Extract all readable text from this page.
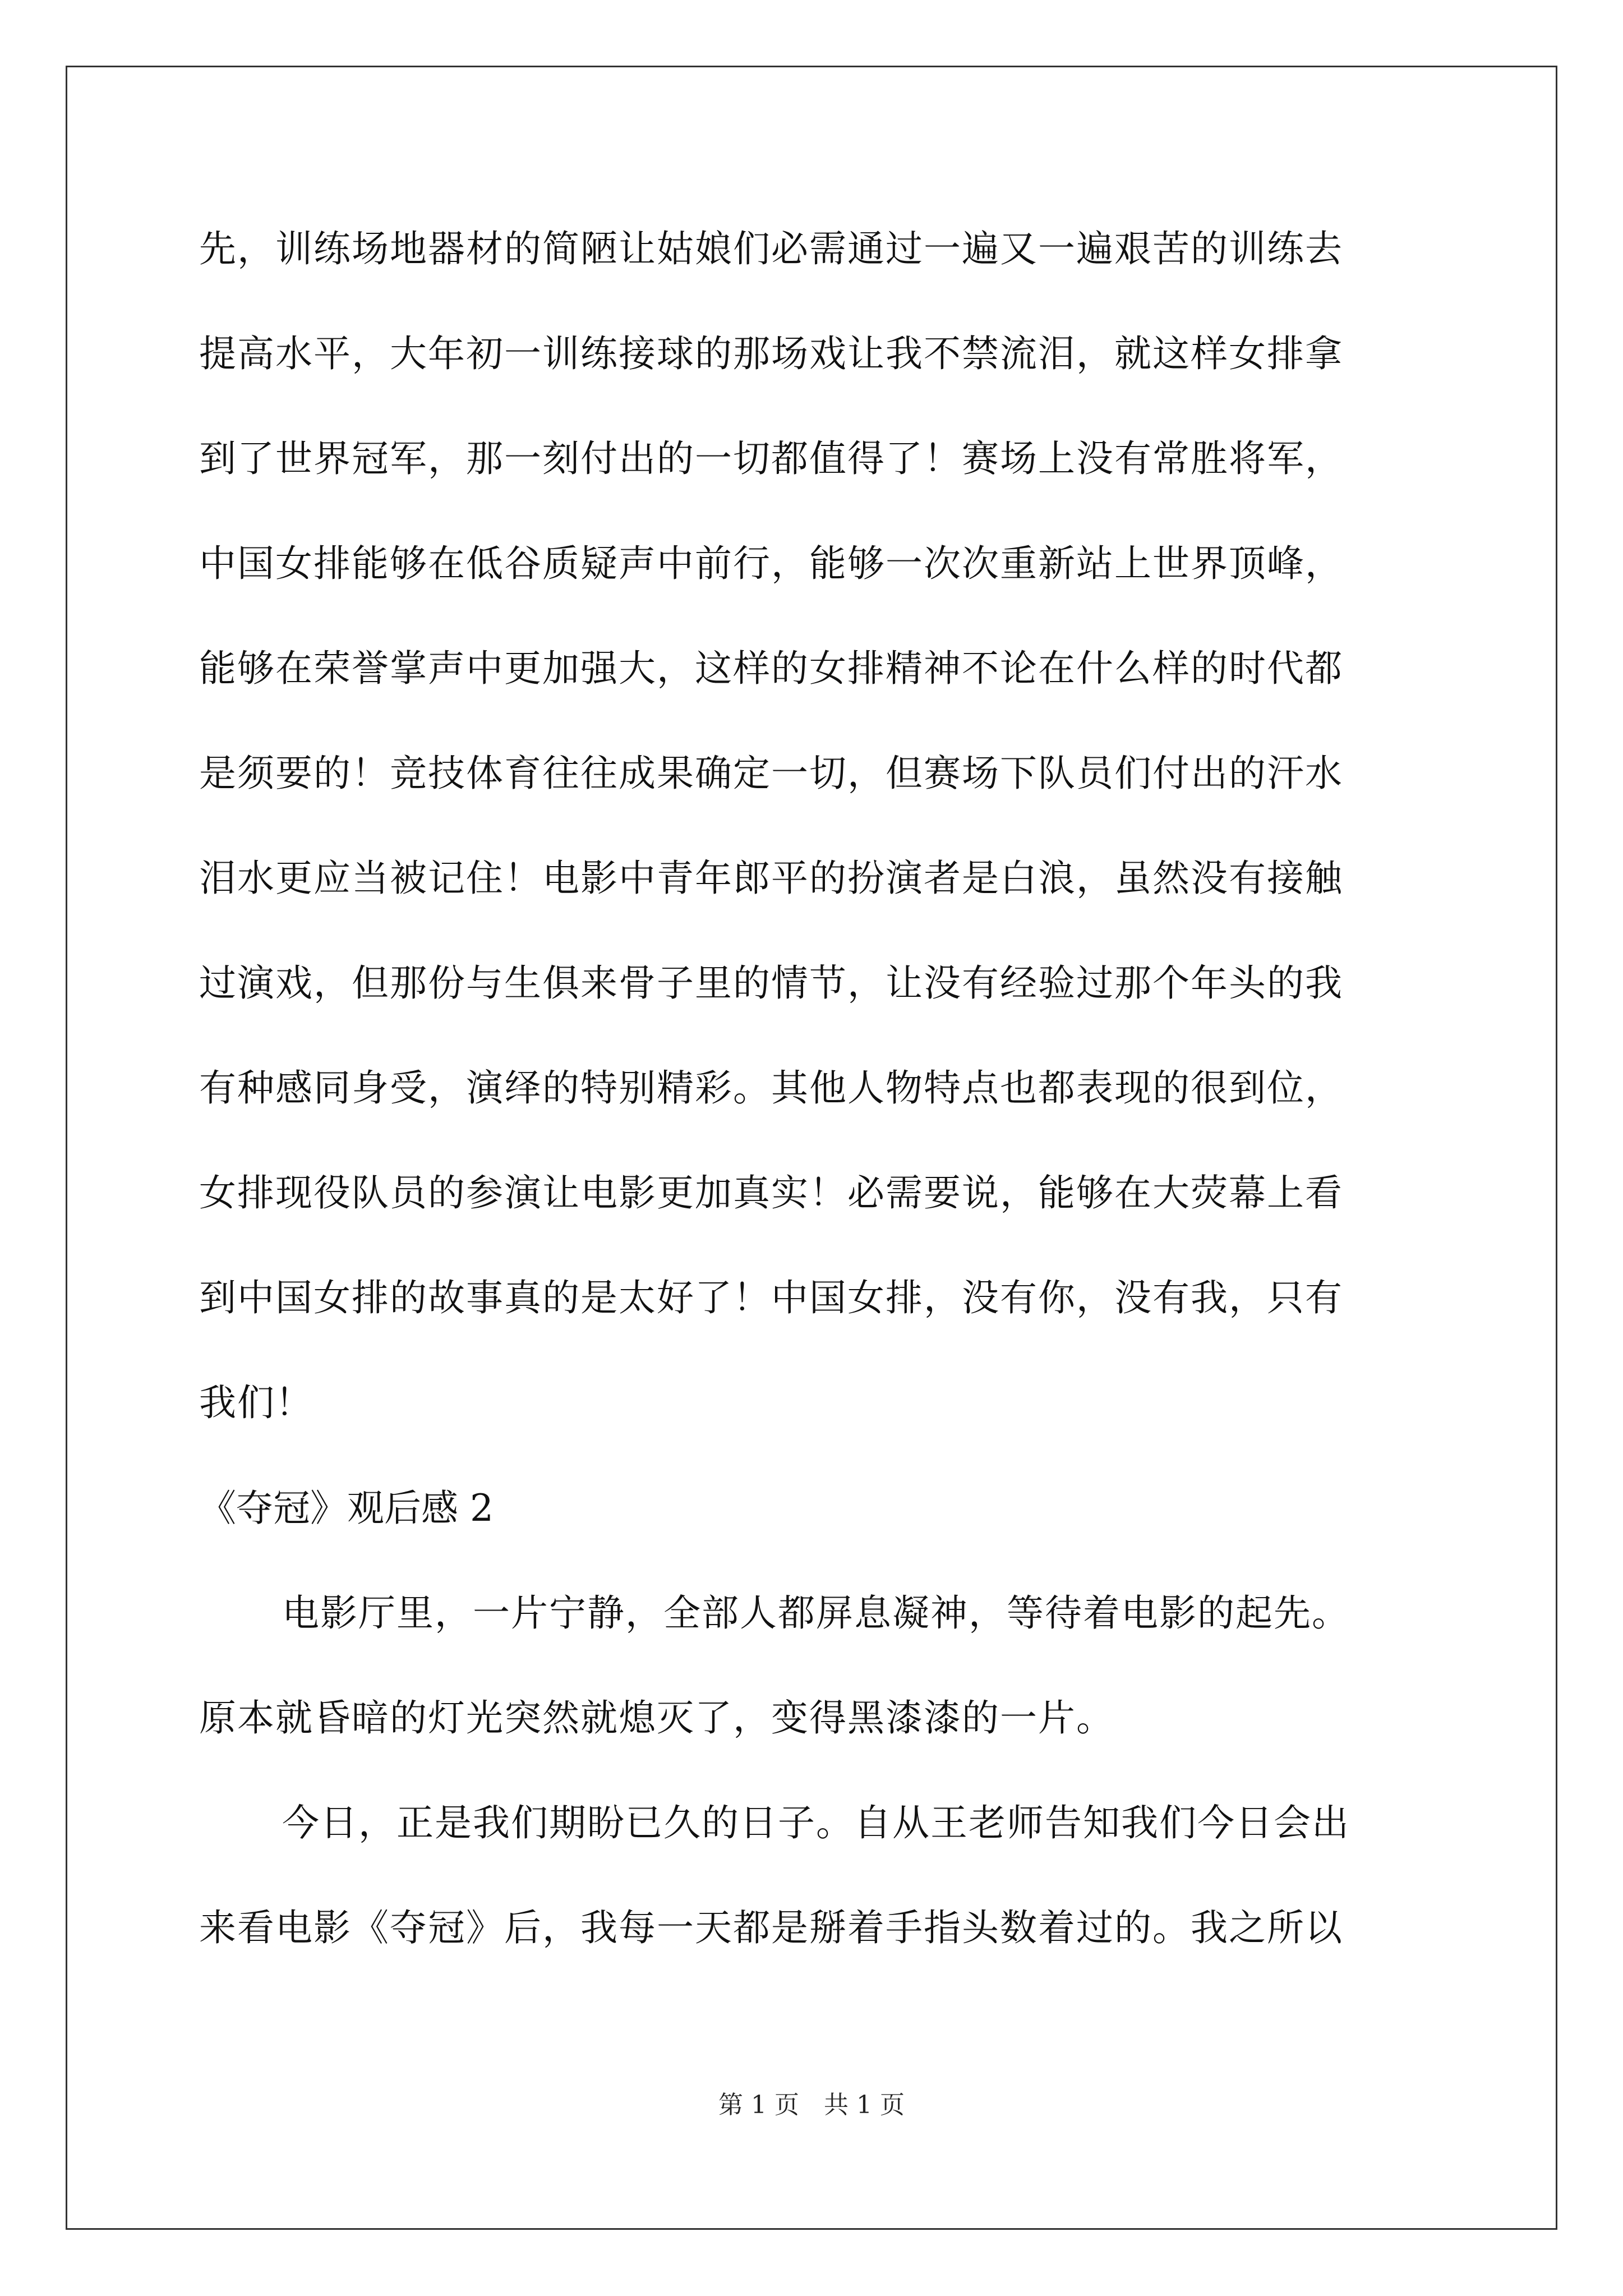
先，训练场地器材的简陋让姑娘们必需通过一遍又一遍艰苦的训练去
提高水平，大年初一训练接球的那场戏让我不禁流泪，就这样女排拿
到了世界冠军，那一刻付出的一切都值得了！赛场上没有常胜将军，
中国女排能够在低谷质疑声中前行，能够一次次重新站上世界顶峰，
能够在荣誉掌声中更加强大，这样的女排精神不论在什么样的时代都
是须要的！竞技体育往往成果确定一切，但赛场下队员们付出的汗水
泪水更应当被记住！电影中青年郎平的扮演者是白浪，虽然没有接触
过演戏，但那份与生俱来骨子里的情节，让没有经验过那个年头的我
有种感同身受，演绎的特别精彩。其他人物特点也都表现的很到位，
女排现役队员的参演让电影更加真实！必需要说，能够在大荧幕上看
到中国女排的故事真的是太好了！中国女排，没有你，没有我，只有
我们！
《夺冠》观后感 2
电影厅里，一片宁静，全部人都屏息凝神，等待着电影的起先。
原本就昏暗的灯光突然就熄灭了，变得黑漆漆的一片。
今日，正是我们期盼已久的日子。自从王老师告知我们今日会出
来看电影《夺冠》后，我每一天都是掰着手指头数着过的。我之所以
第 1 页　共 1 页
